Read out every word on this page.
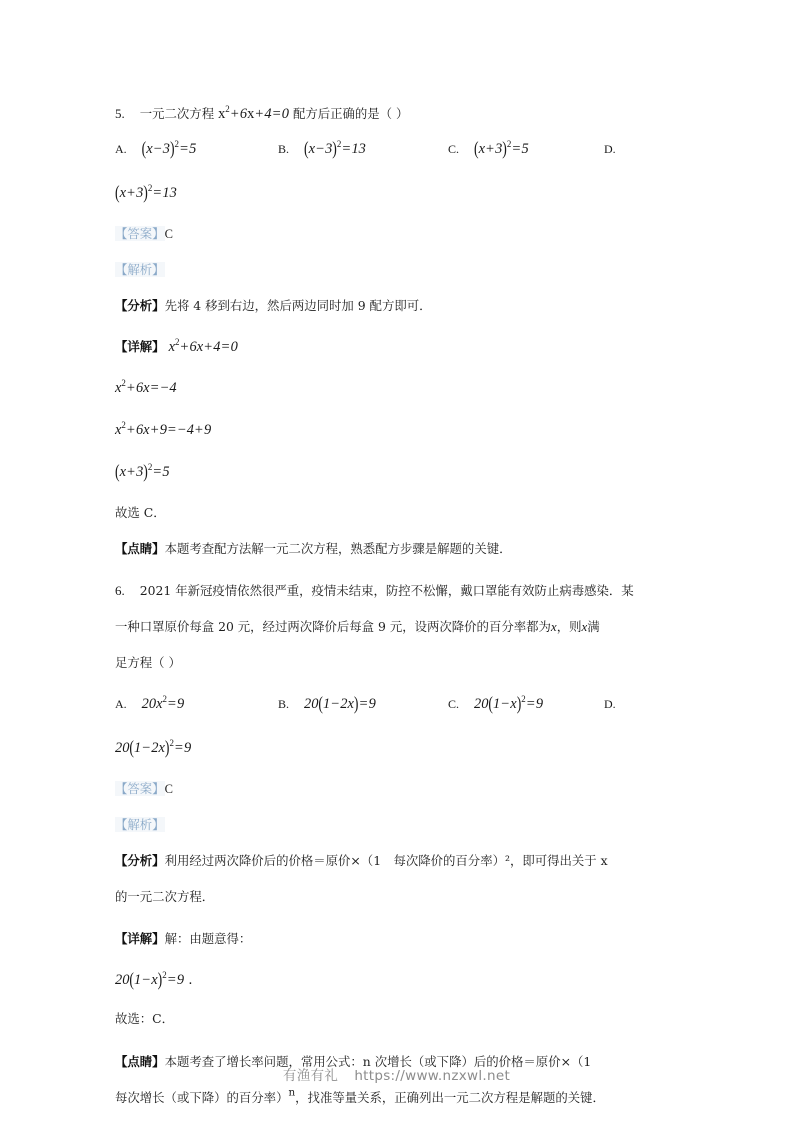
5. 一元二次方程 $x^2+6x+4=0$ 配方后正确的是（ ）
A. $(x-3)^2=5$	B. $(x-3)^2=13$	C. $(x+3)^2=5$	D.
$(x+3)^2=13$
【答案】C
【解析】
【分析】先将 4 移到右边，然后两边同时加 9 配方即可．
【详解】 $x^2+6x+4=0$
$x^2+6x=-4$
$x^2+6x+9=-4+9$
$(x+3)^2=5$
故选 C．
【点睛】本题考查配方法解一元二次方程，熟悉配方步骤是解题的关键．
6. 2021 年新冠疫情依然很严重，疫情未结束，防控不松懈，戴口罩能有效防止病毒感染．某
一种口罩原价每盒 20 元，经过两次降价后每盒 9 元，设两次降价的百分率都为x，则x满
足方程（ ）
A. $20x^2=9$	B. 20(1−2x)=9	C. $20(1-x)^2=9$	D.
$20(1-2x)^2=9$
【答案】C
【解析】
【分析】利用经过两次降价后的价格＝原价×（1　每次降价的百分率）²，即可得出关于 x
的一元二次方程．
【详解】解：由题意得：
$20(1-x)^2=9$ .
故选：C．
【点睛】本题考查了增长率问题，常用公式：n 次增长（或下降）后的价格＝原价×（1
每次增长（或下降）的百分率）$^n$，找准等量关系，正确列出一元二次方程是解题的关键．
有渔有礼 https://www.nzxwl.net
